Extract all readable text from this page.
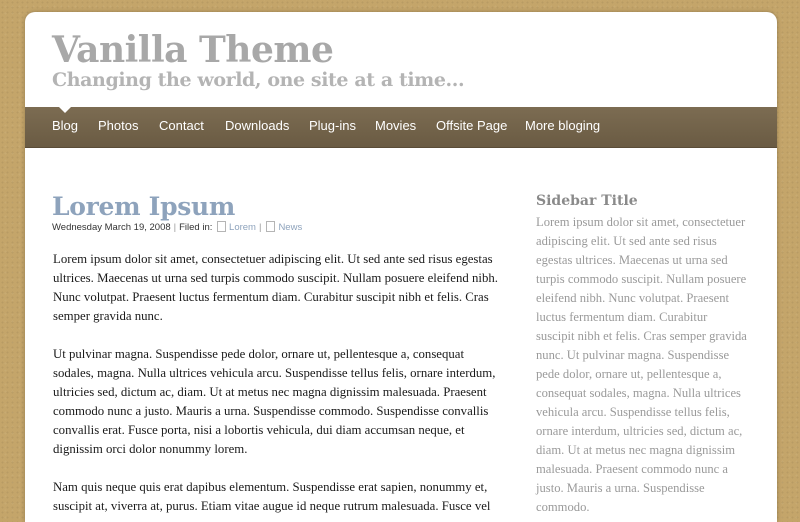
Vanilla Theme
Changing the world, one site at a time...
Blog Photos Contact Downloads Plug-ins Movies Offsite Page More bloging
Lorem Ipsum
Wednesday March 19, 2008 | Filed in: Lorem | News

Lorem ipsum dolor sit amet, consectetuer adipiscing elit. Ut sed ante sed risus egestas ultrices. Maecenas ut urna sed turpis commodo suscipit. Nullam posuere eleifend nibh. Nunc volutpat. Praesent luctus fermentum diam. Curabitur suscipit nibh et felis. Cras semper gravida nunc.

Ut pulvinar magna. Suspendisse pede dolor, ornare ut, pellentesque a, consequat sodales, magna. Nulla ultrices vehicula arcu. Suspendisse tellus felis, ornare interdum, ultricies sed, dictum ac, diam. Ut at metus nec magna dignissim malesuada. Praesent commodo nunc a justo. Mauris a urna. Suspendisse commodo. Suspendisse convallis convallis erat. Fusce porta, nisi a lobortis vehicula, dui diam accumsan neque, et dignissim orci dolor nonummy lorem.

Nam quis neque quis erat dapibus elementum. Suspendisse erat sapien, nonummy et, suscipit at, viverra at, purus. Etiam vitae augue id neque rutrum malesuada. Fusce vel

Sidebar Title

Lorem ipsum dolor sit amet, consectetuer adipiscing elit. Ut sed ante sed risus egestas ultrices. Maecenas ut urna sed turpis commodo suscipit. Nullam posuere eleifend nibh. Nunc volutpat. Praesent luctus fermentum diam. Curabitur suscipit nibh et felis. Cras semper gravida nunc. Ut pulvinar magna. Suspendisse pede dolor, ornare ut, pellentesque a, consequat sodales, magna. Nulla ultrices vehicula arcu. Suspendisse tellus felis, ornare interdum, ultricies sed, dictum ac, diam. Ut at metus nec magna dignissim malesuada. Praesent commodo nunc a justo. Mauris a urna. Suspendisse commodo.
